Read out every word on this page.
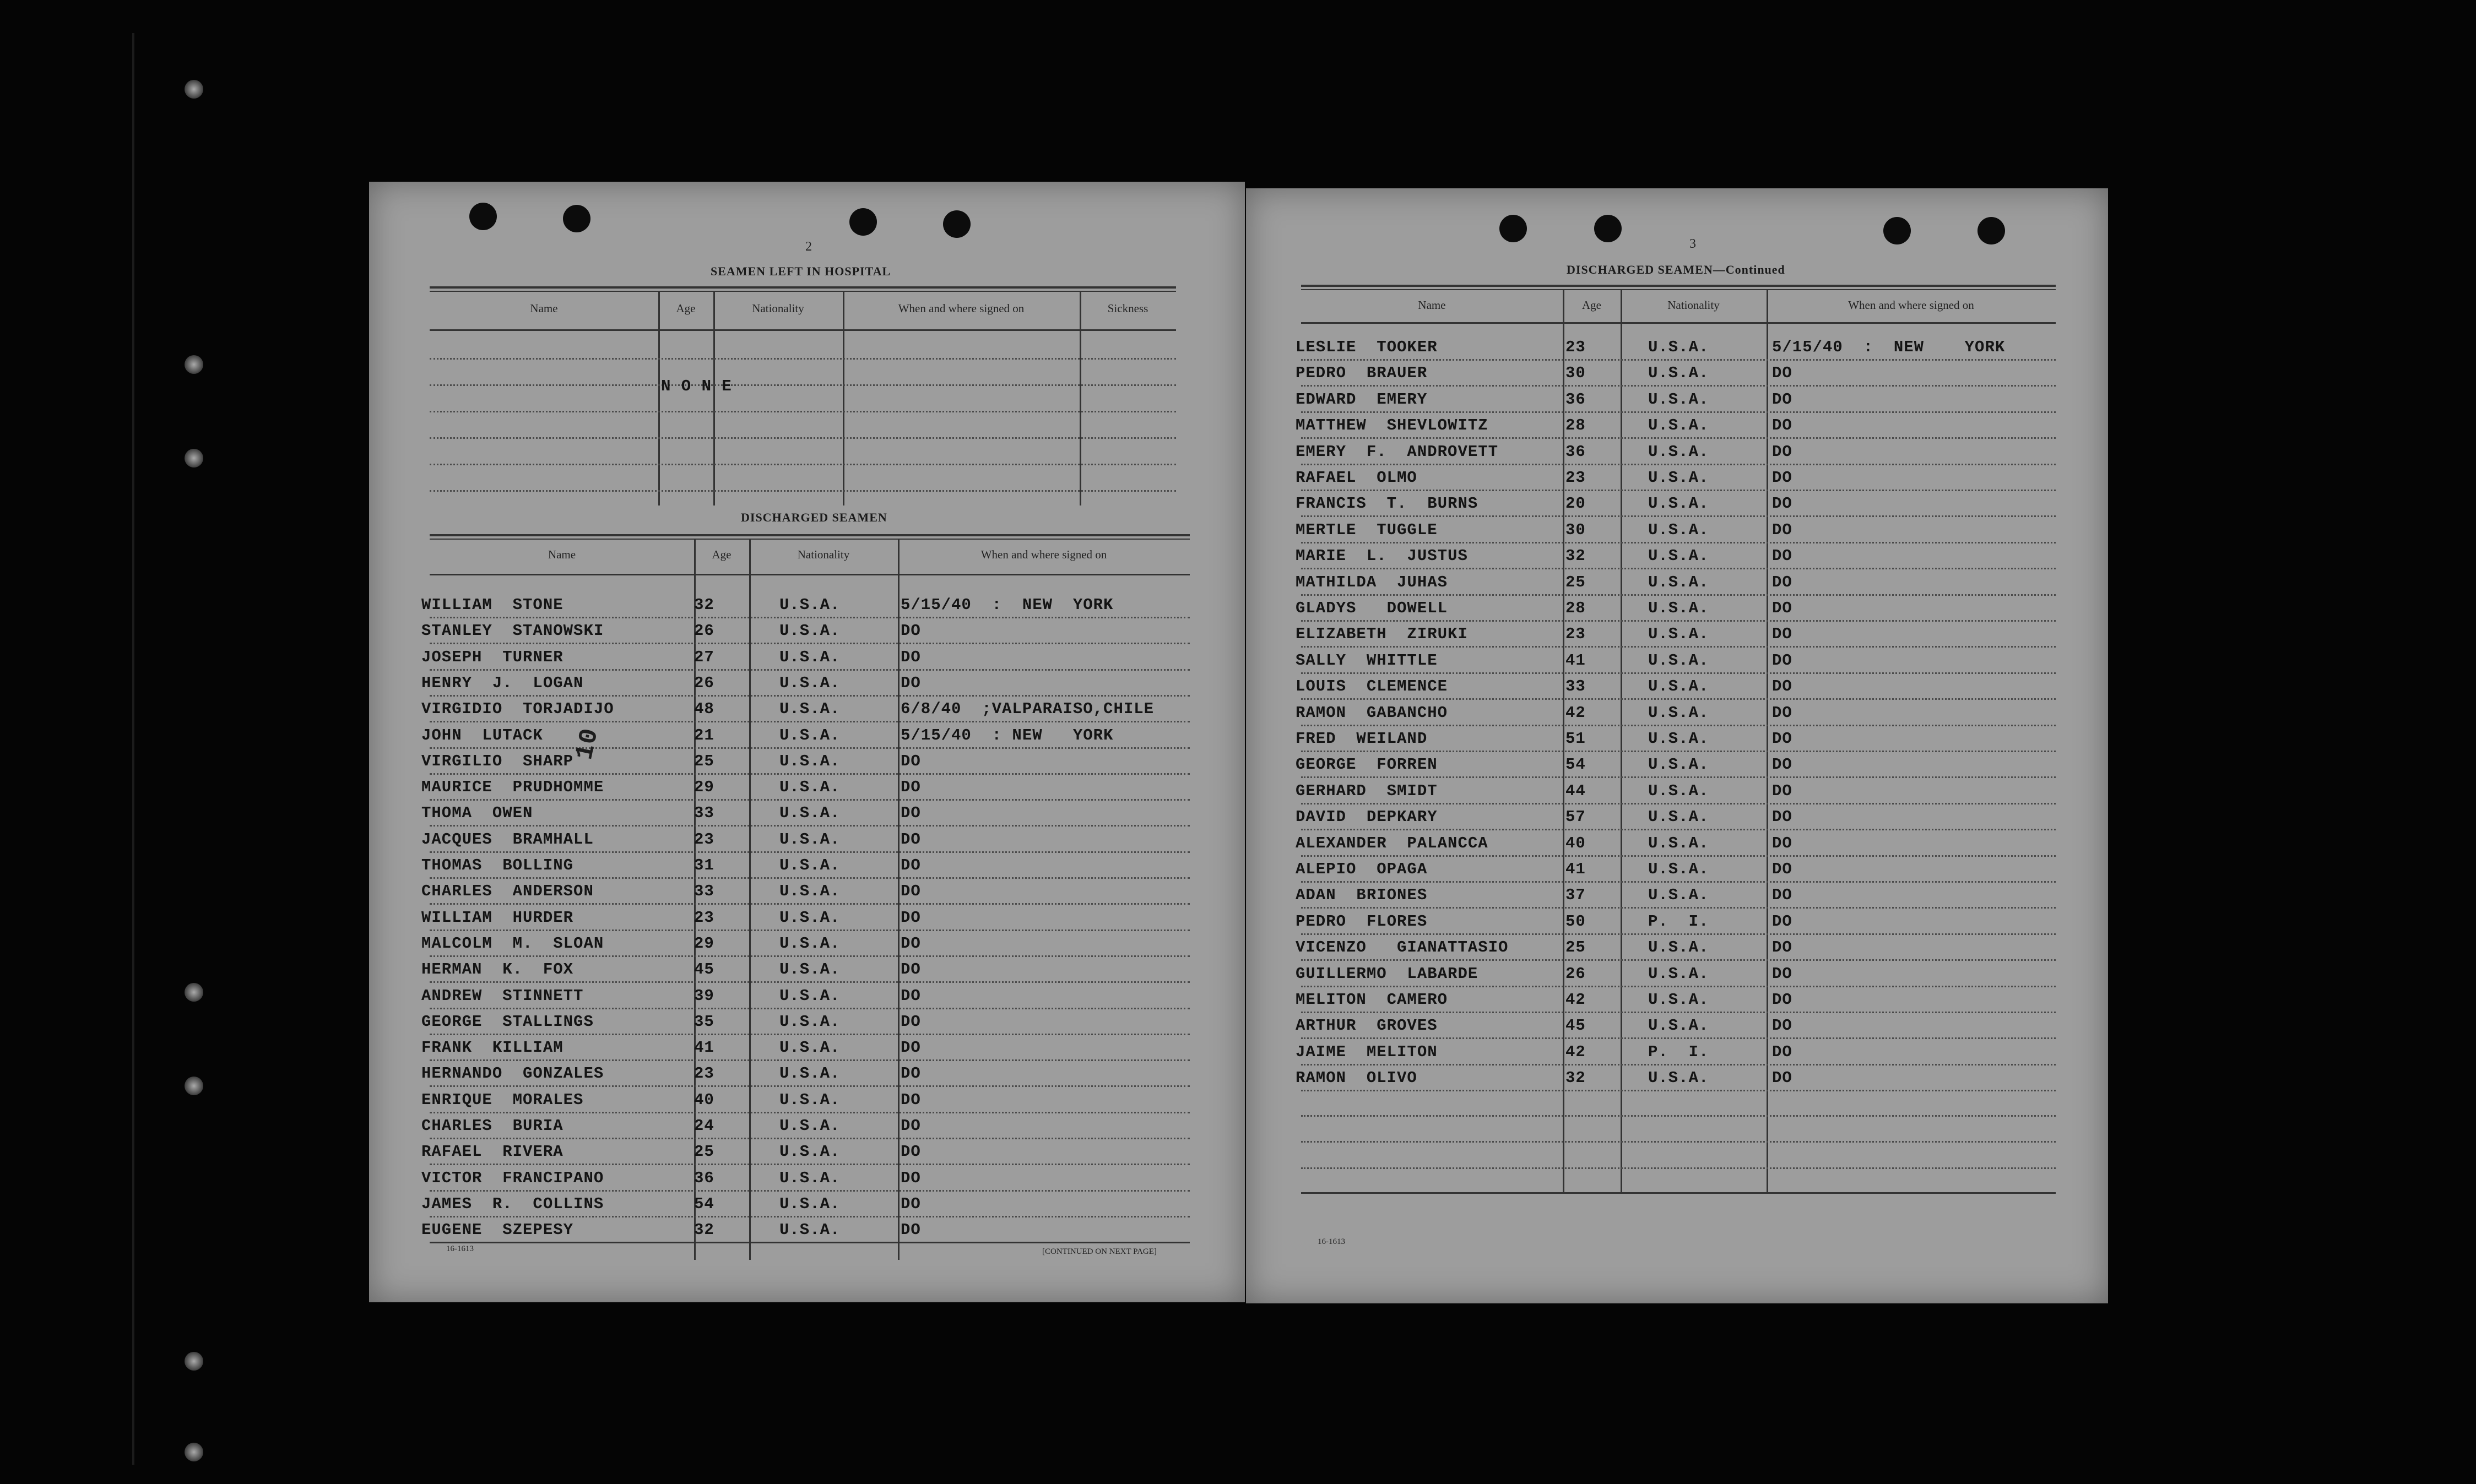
2
SEAMEN LEFT IN HOSPITAL
Name	Age	Nationality	When and where signed on	Sickness
N O N E
DISCHARGED SEAMEN
Name	Age	Nationality	When and where signed on
WILLIAM  STONE	32	U.S.A.	5/15/40  :  NEW  YORK
STANLEY  STANOWSKI	26	U.S.A.	DO
JOSEPH  TURNER	27	U.S.A.	DO
HENRY  J.  LOGAN	26	U.S.A.	DO
VIRGIDIO  TORJADIJO	48	U.S.A.	6/8/40  ;VALPARAISO,CHILE
JOHN  LUTACK	21	U.S.A.	5/15/40  : NEW   YORK
VIRGILIO  SHARP	25	U.S.A.	DO
MAURICE  PRUDHOMME	29	U.S.A.	DO
THOMA  OWEN	33	U.S.A.	DO
JACQUES  BRAMHALL	23	U.S.A.	DO
THOMAS  BOLLING	31	U.S.A.	DO
CHARLES  ANDERSON	33	U.S.A.	DO
WILLIAM  HURDER	23	U.S.A.	DO
MALCOLM  M.  SLOAN	29	U.S.A.	DO
HERMAN  K.  FOX	45	U.S.A.	DO
ANDREW  STINNETT	39	U.S.A.	DO
GEORGE  STALLINGS	35	U.S.A.	DO
FRANK  KILLIAM	41	U.S.A.	DO
HERNANDO  GONZALES	23	U.S.A.	DO
ENRIQUE  MORALES	40	U.S.A.	DO
CHARLES  BURIA	24	U.S.A.	DO
RAFAEL  RIVERA	25	U.S.A.	DO
VICTOR  FRANCIPANO	36	U.S.A.	DO
JAMES  R.  COLLINS	54	U.S.A.	DO
EUGENE  SZEPESY	32	U.S.A.	DO
[CONTINUED ON NEXT PAGE]
16-1613
10
3
DISCHARGED SEAMEN—Continued
Name	Age	Nationality	When and where signed on
LESLIE  TOOKER	23	U.S.A.	5/15/40  :  NEW    YORK
PEDRO  BRAUER	30	U.S.A.	DO
EDWARD  EMERY	36	U.S.A.	DO
MATTHEW  SHEVLOWITZ	28	U.S.A.	DO
EMERY  F.  ANDROVETT	36	U.S.A.	DO
RAFAEL  OLMO	23	U.S.A.	DO
FRANCIS  T.  BURNS	20	U.S.A.	DO
MERTLE  TUGGLE	30	U.S.A.	DO
MARIE  L.  JUSTUS	32	U.S.A.	DO
MATHILDA  JUHAS	25	U.S.A.	DO
GLADYS   DOWELL	28	U.S.A.	DO
ELIZABETH  ZIRUKI	23	U.S.A.	DO
SALLY  WHITTLE	41	U.S.A.	DO
LOUIS  CLEMENCE	33	U.S.A.	DO
RAMON  GABANCHO	42	U.S.A.	DO
FRED  WEILAND	51	U.S.A.	DO
GEORGE  FORREN	54	U.S.A.	DO
GERHARD  SMIDT	44	U.S.A.	DO
DAVID  DEPKARY	57	U.S.A.	DO
ALEXANDER  PALANCCA	40	U.S.A.	DO
ALEPIO  OPAGA	41	U.S.A.	DO
ADAN  BRIONES	37	U.S.A.	DO
PEDRO  FLORES	50	P.  I.	DO
VICENZO   GIANATTASIO	25	U.S.A.	DO
GUILLERMO  LABARDE	26	U.S.A.	DO
MELITON  CAMERO	42	U.S.A.	DO
ARTHUR  GROVES	45	U.S.A.	DO
JAIME  MELITON	42	P.  I.	DO
RAMON  OLIVO	32	U.S.A.	DO
16-1613
